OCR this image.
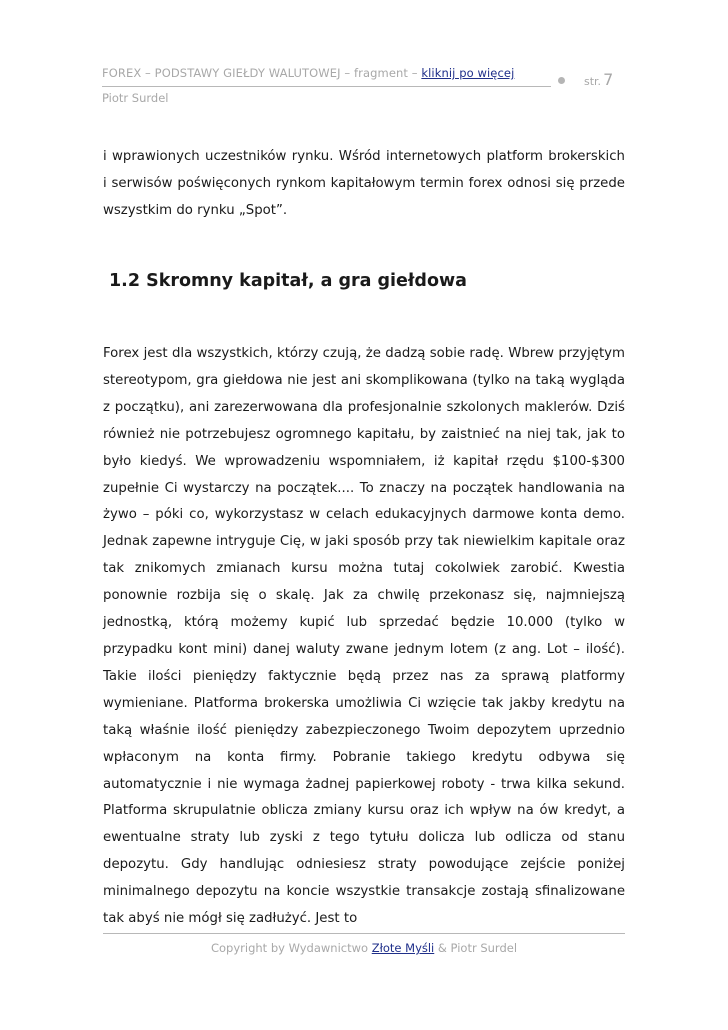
FOREX – PODSTAWY GIEŁDY WALUTOWEJ – fragment – kliknij po więcej
str. 7
Piotr Surdel

i wprawionych uczestników rynku. Wśród internetowych platform brokerskich i serwisów poświęconych rynkom kapitałowym termin forex odnosi się przede wszystkim do rynku „Spot”.

1.2 Skromny kapitał, a gra giełdowa

Forex jest dla wszystkich, którzy czują, że dadzą sobie radę. Wbrew przyjętym stereotypom, gra giełdowa nie jest ani skomplikowana (tylko na taką wygląda z początku), ani zarezerwowana dla profesjonalnie szkolonych maklerów. Dziś również nie potrzebujesz ogromnego kapitału, by zaistnieć na niej tak, jak to było kiedyś. We wprowadzeniu wspomniałem, iż kapitał rzędu $100-$300 zupełnie Ci wystarczy na początek.... To znaczy na początek handlowania na żywo – póki co, wykorzystasz w celach edukacyjnych darmowe konta demo. Jednak zapewne intryguje Cię, w jaki sposób przy tak niewielkim kapitale oraz tak znikomych zmianach kursu można tutaj cokolwiek zarobić. Kwestia ponownie rozbija się o skalę. Jak za chwilę przekonasz się, najmniejszą jednostką, którą możemy kupić lub sprzedać będzie 10.000 (tylko w przypadku kont mini) danej waluty zwane jednym lotem (z ang. Lot – ilość). Takie ilości pieniędzy faktycznie będą przez nas za sprawą platformy wymieniane. Platforma brokerska umożliwia Ci wzięcie tak jakby kredytu na taką właśnie ilość pieniędzy zabezpieczonego Twoim depozytem uprzednio wpłaconym na konta firmy. Pobranie takiego kredytu odbywa się automatycznie i nie wymaga żadnej papierkowej roboty - trwa kilka sekund. Platforma skrupulatnie oblicza zmiany kursu oraz ich wpływ na ów kredyt, a ewentualne straty lub zyski z tego tytułu dolicza lub odlicza od stanu depozytu. Gdy handlując odniesiesz straty powodujące zejście poniżej minimalnego depozytu na koncie wszystkie transakcje zostają sfinalizowane tak abyś nie mógł się zadłużyć. Jest to

Copyright by Wydawnictwo Złote Myśli & Piotr Surdel
